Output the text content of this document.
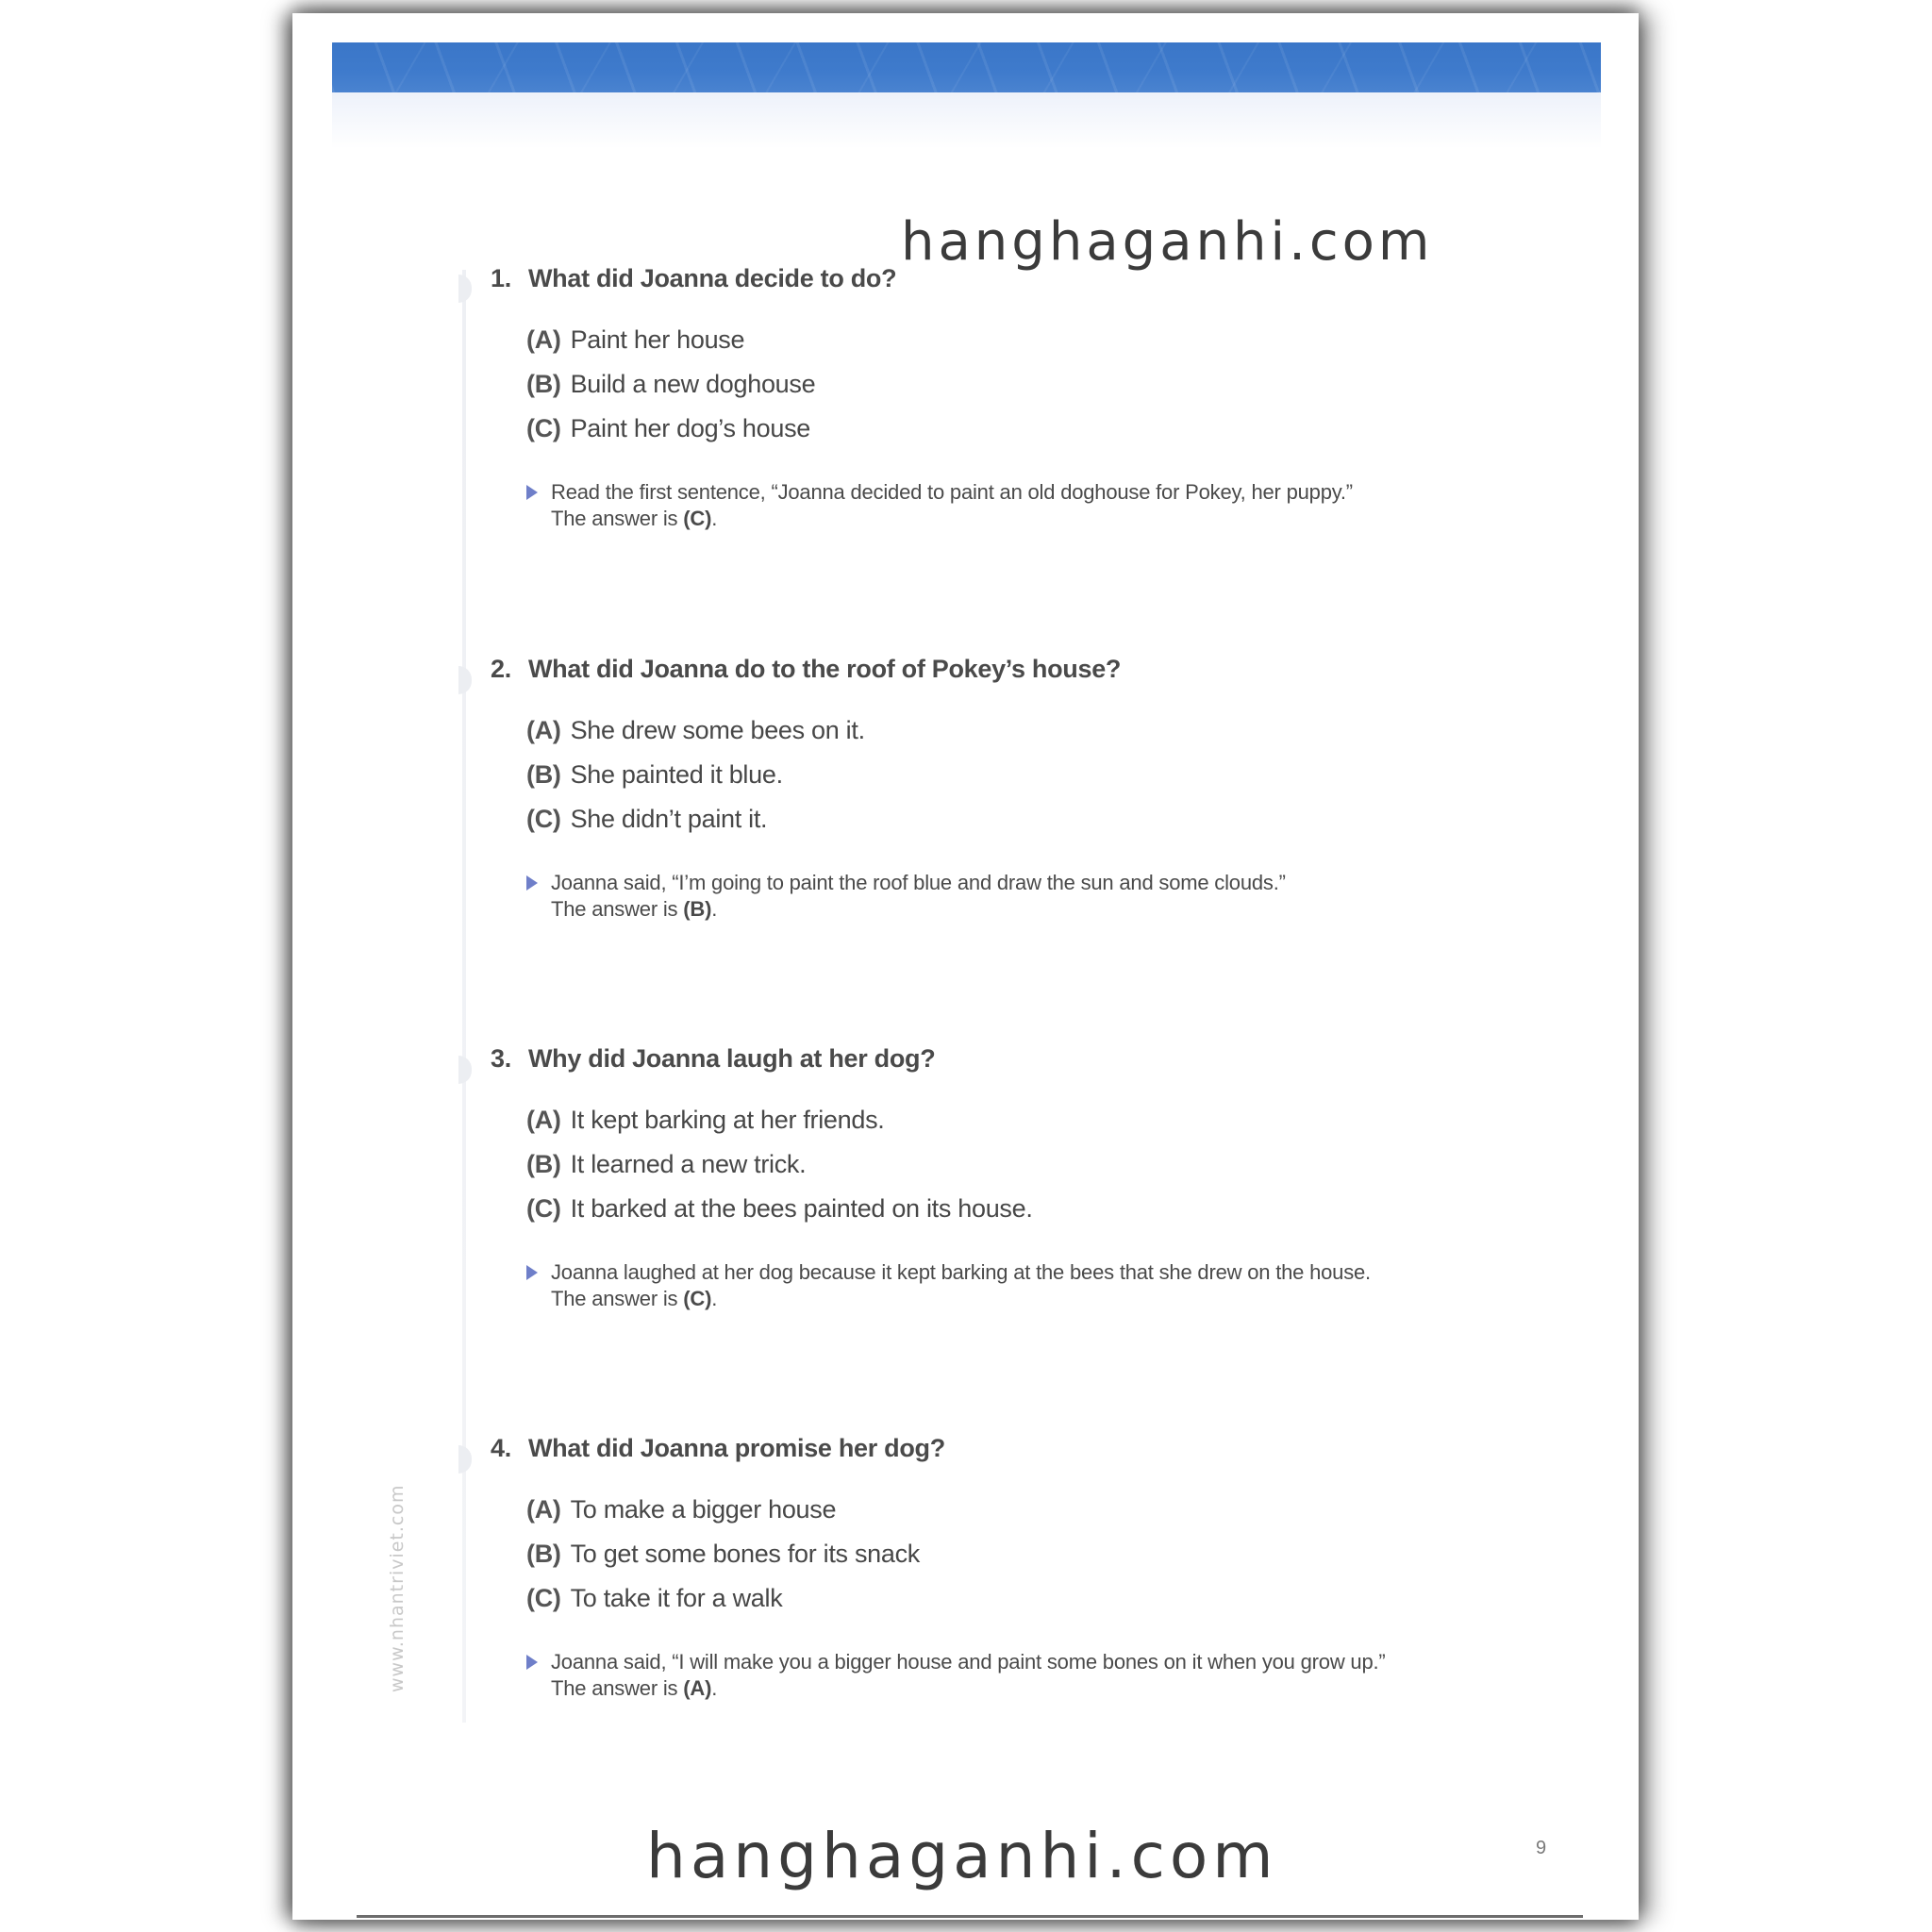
hanghaganhi.com
1. What did Joanna decide to do?
(A) Paint her house
(B) Build a new doghouse
(C) Paint her dog’s house
Read the first sentence, “Joanna decided to paint an old doghouse for Pokey, her puppy.”
The answer is (C).
2. What did Joanna do to the roof of Pokey’s house?
(A) She drew some bees on it.
(B) She painted it blue.
(C) She didn’t paint it.
Joanna said, “I’m going to paint the roof blue and draw the sun and some clouds.”
The answer is (B).
3. Why did Joanna laugh at her dog?
(A) It kept barking at her friends.
(B) It learned a new trick.
(C) It barked at the bees painted on its house.
Joanna laughed at her dog because it kept barking at the bees that she drew on the house.
The answer is (C).
4. What did Joanna promise her dog?
(A) To make a bigger house
(B) To get some bones for its snack
(C) To take it for a walk
Joanna said, “I will make you a bigger house and paint some bones on it when you grow up.”
The answer is (A).
www.nhantriviet.com
hanghaganhi.com	9
